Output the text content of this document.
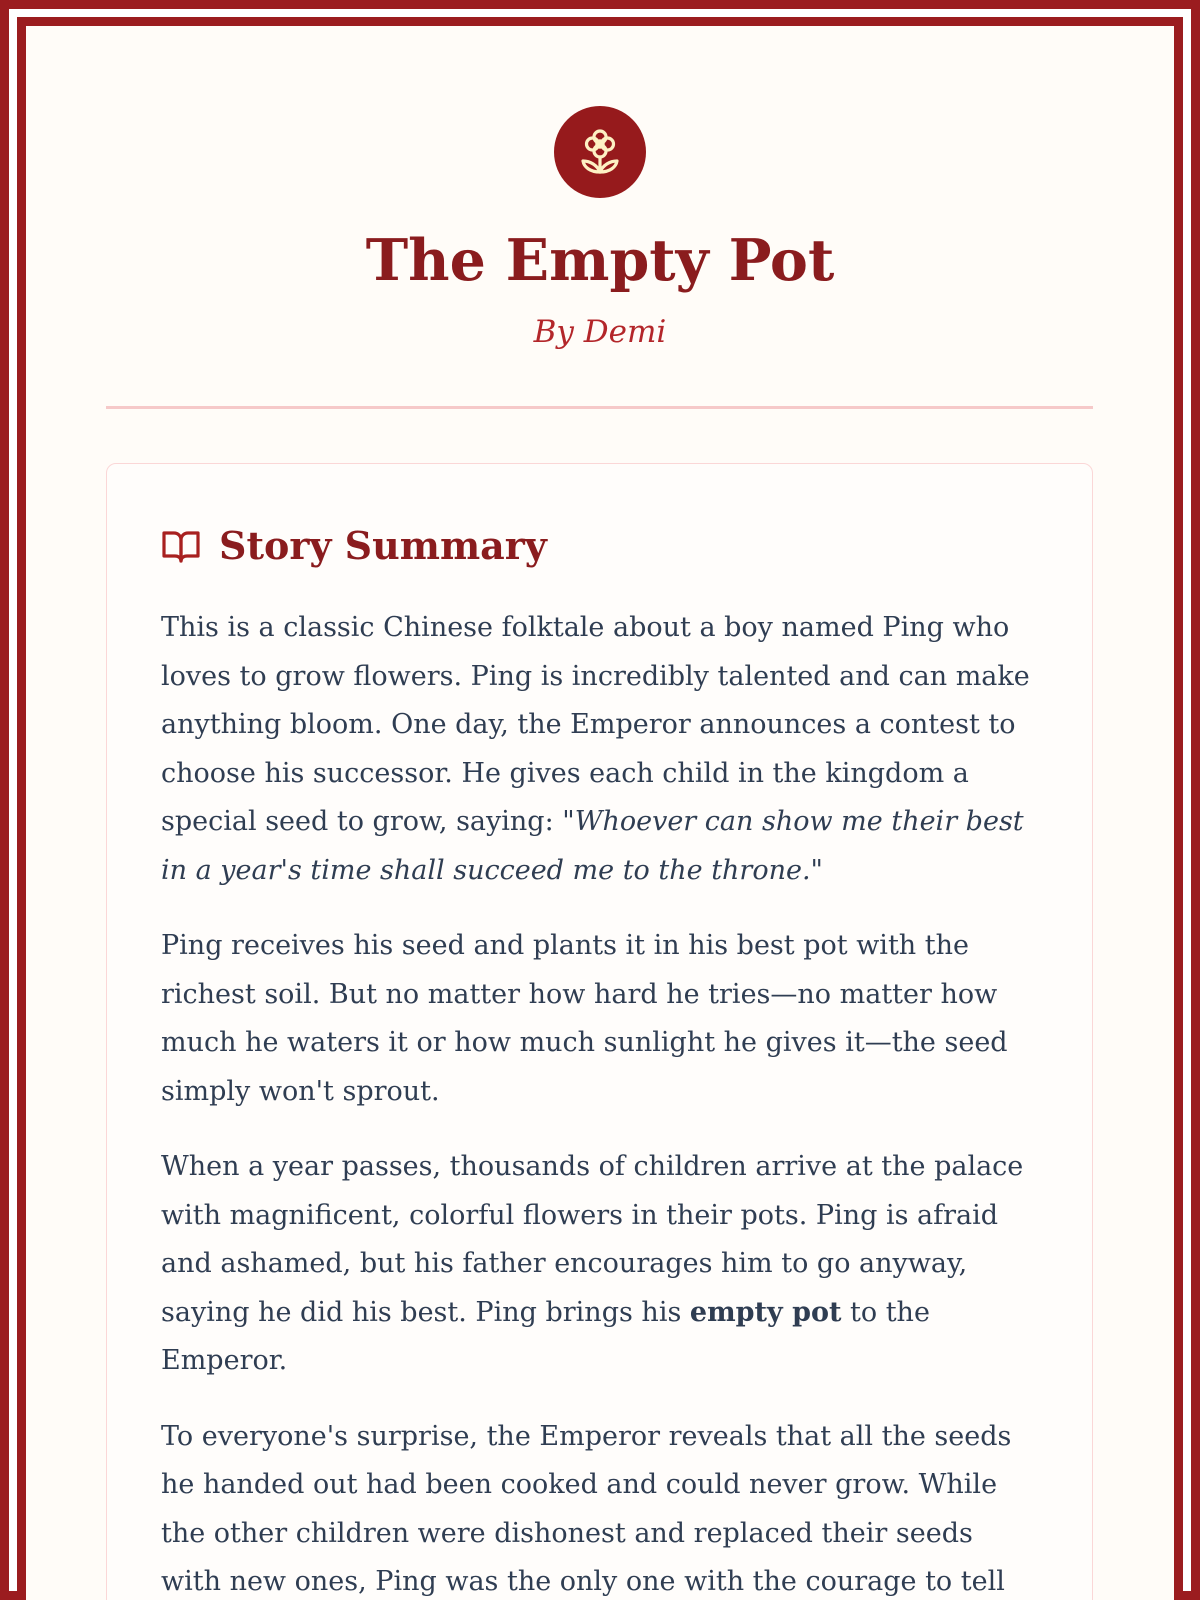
The Empty Pot
By Demi
Story Summary

This is a classic Chinese folktale about a boy named Ping who loves to grow flowers. Ping is incredibly talented and can make anything bloom. One day, the Emperor announces a contest to choose his successor. He gives each child in the kingdom a special seed to grow, saying: "Whoever can show me their best in a year's time shall succeed me to the throne."

Ping receives his seed and plants it in his best pot with the richest soil. But no matter how hard he tries—no matter how much he waters it or how much sunlight he gives it—the seed simply won't sprout.

When a year passes, thousands of children arrive at the palace with magnificent, colorful flowers in their pots. Ping is afraid and ashamed, but his father encourages him to go anyway, saying he did his best. Ping brings his empty pot to the Emperor.

To everyone's surprise, the Emperor reveals that all the seeds he handed out had been cooked and could never grow. While the other children were dishonest and replaced their seeds with new ones, Ping was the only one with the courage to tell
